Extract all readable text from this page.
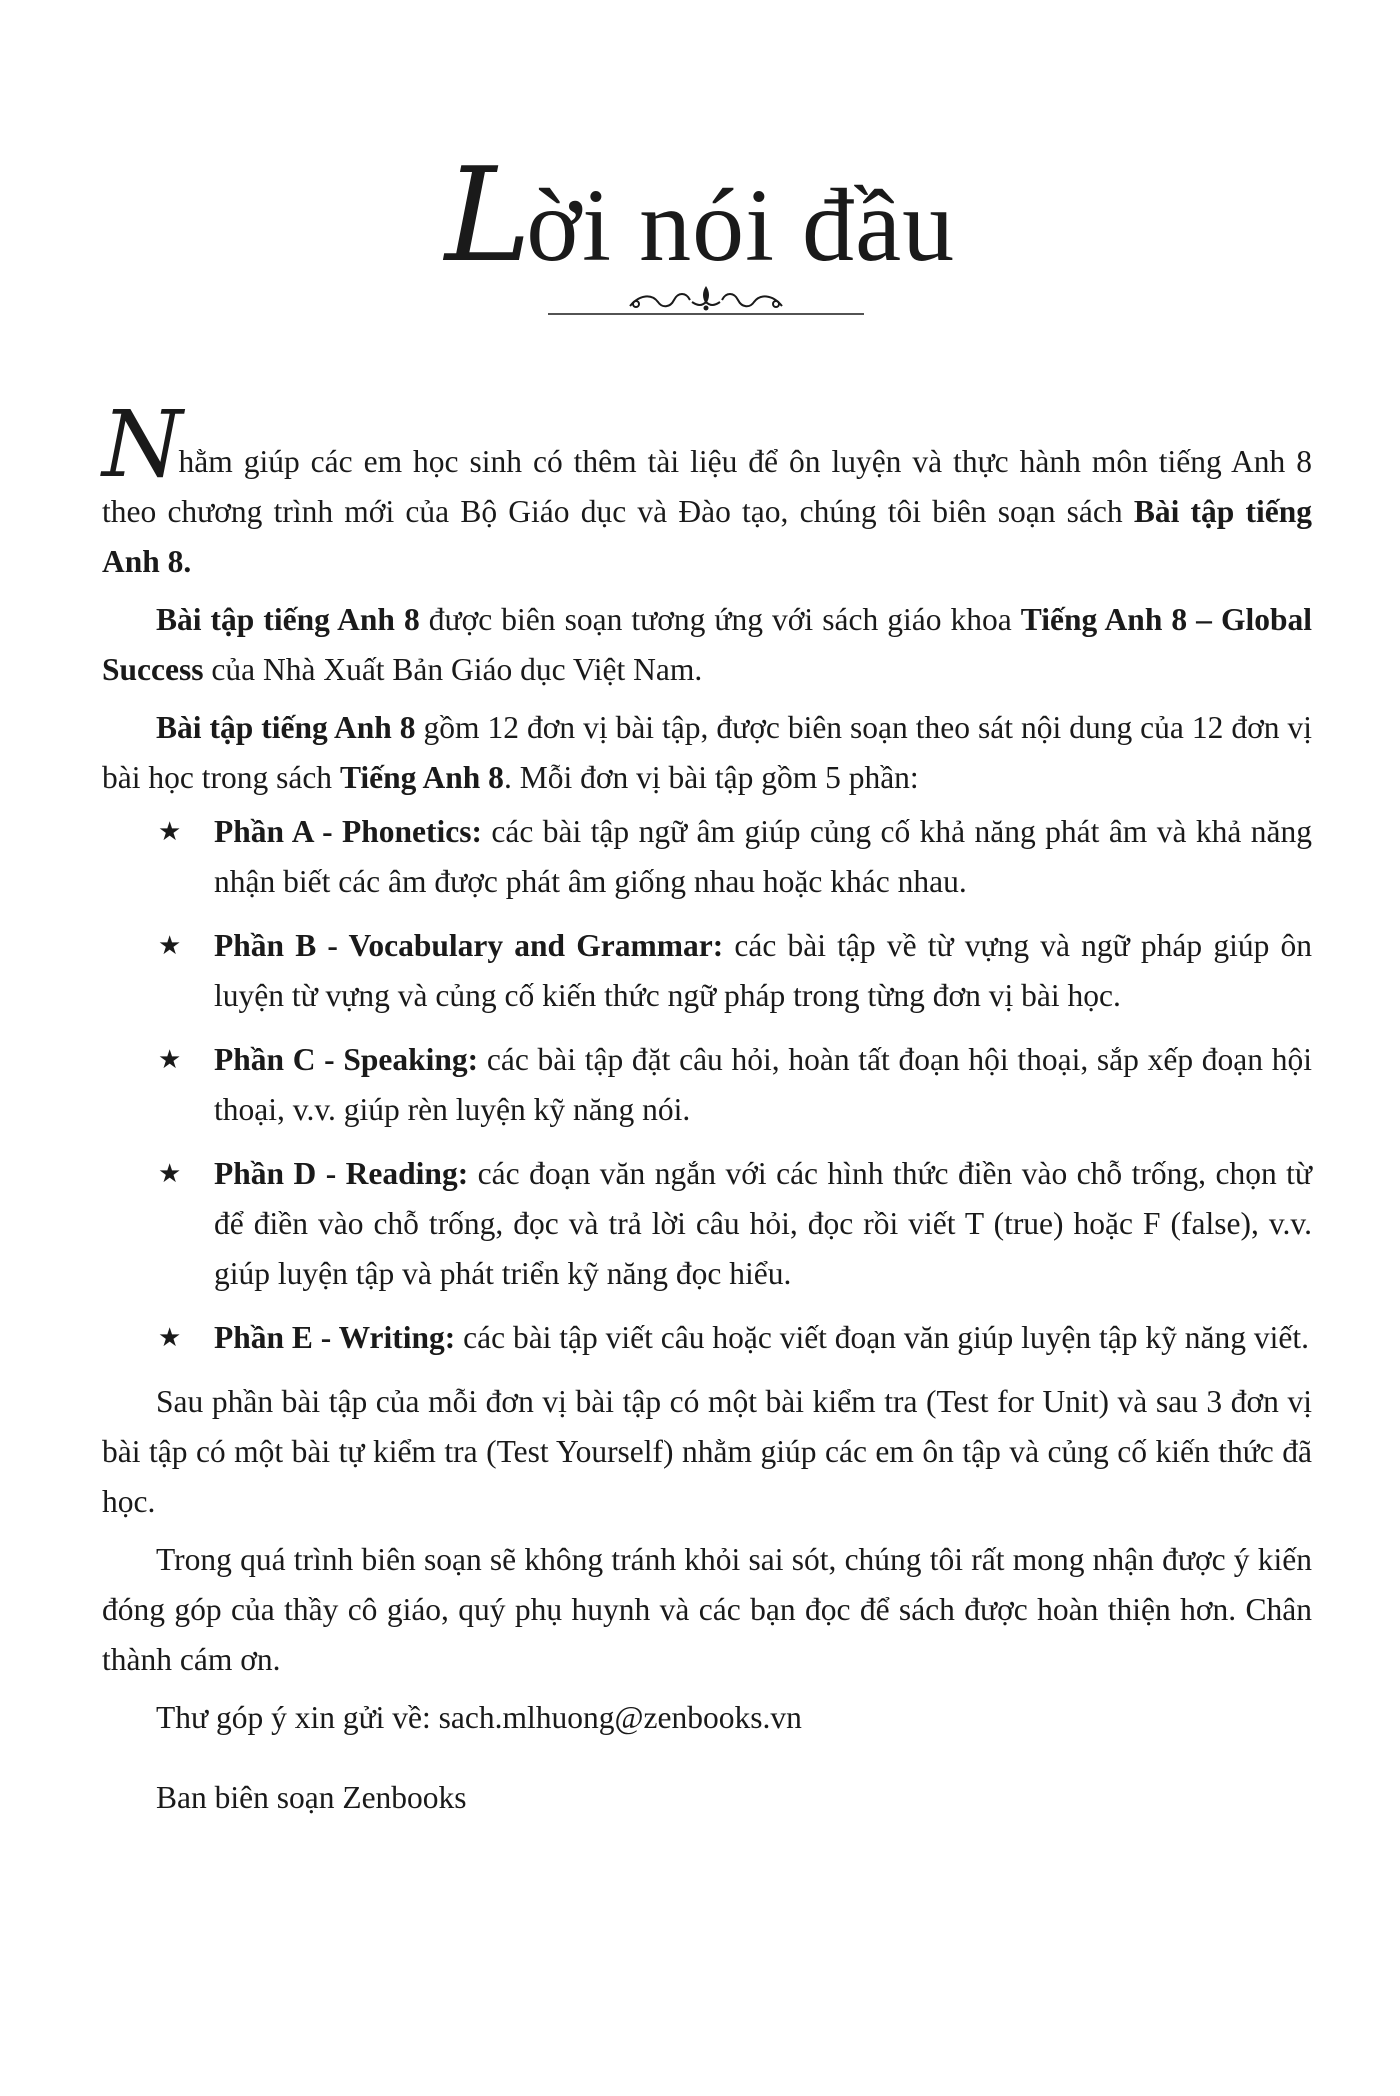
Lời nói đầu

Nhằm giúp các em học sinh có thêm tài liệu để ôn luyện và thực hành môn tiếng Anh 8 theo chương trình mới của Bộ Giáo dục và Đào tạo, chúng tôi biên soạn sách Bài tập tiếng Anh 8.

Bài tập tiếng Anh 8 được biên soạn tương ứng với sách giáo khoa Tiếng Anh 8 – Global Success của Nhà Xuất Bản Giáo dục Việt Nam.

Bài tập tiếng Anh 8 gồm 12 đơn vị bài tập, được biên soạn theo sát nội dung của 12 đơn vị bài học trong sách Tiếng Anh 8. Mỗi đơn vị bài tập gồm 5 phần:

★ Phần A - Phonetics: các bài tập ngữ âm giúp củng cố khả năng phát âm và khả năng nhận biết các âm được phát âm giống nhau hoặc khác nhau.
★ Phần B - Vocabulary and Grammar: các bài tập về từ vựng và ngữ pháp giúp ôn luyện từ vựng và củng cố kiến thức ngữ pháp trong từng đơn vị bài học.
★ Phần C - Speaking: các bài tập đặt câu hỏi, hoàn tất đoạn hội thoại, sắp xếp đoạn hội thoại, v.v. giúp rèn luyện kỹ năng nói.
★ Phần D - Reading: các đoạn văn ngắn với các hình thức điền vào chỗ trống, chọn từ để điền vào chỗ trống, đọc và trả lời câu hỏi, đọc rồi viết T (true) hoặc F (false), v.v. giúp luyện tập và phát triển kỹ năng đọc hiểu.
★ Phần E - Writing: các bài tập viết câu hoặc viết đoạn văn giúp luyện tập kỹ năng viết.

Sau phần bài tập của mỗi đơn vị bài tập có một bài kiểm tra (Test for Unit) và sau 3 đơn vị bài tập có một bài tự kiểm tra (Test Yourself) nhằm giúp các em ôn tập và củng cố kiến thức đã học.

Trong quá trình biên soạn sẽ không tránh khỏi sai sót, chúng tôi rất mong nhận được ý kiến đóng góp của thầy cô giáo, quý phụ huynh và các bạn đọc để sách được hoàn thiện hơn. Chân thành cám ơn.

Thư góp ý xin gửi về: sach.mlhuong@zenbooks.vn

Ban biên soạn Zenbooks
